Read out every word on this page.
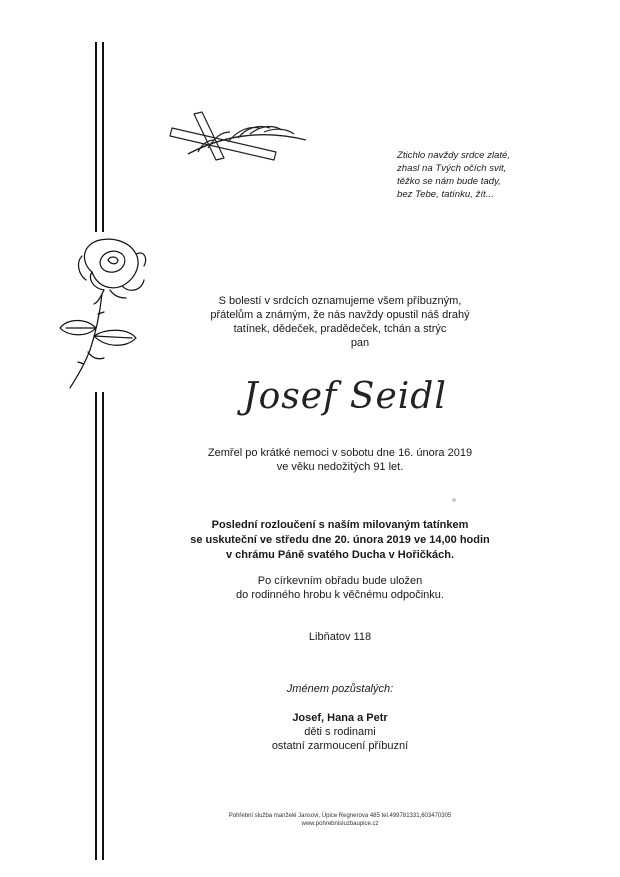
Ztichlo navždy srdce zlaté,
zhasl na Tvých očích svit,
těžko se nám bude tady,
bez Tebe, tatínku, žít...
S bolestí v srdcích oznamujeme všem příbuzným,
přátelům a známým, že nás navždy opustil náš drahý
tatínek, dědeček, pradědeček, tchán a strýc
pan
Josef Seidl
Zemřel po krátké nemoci v sobotu dne 16. února 2019
ve věku nedožitých 91 let.
Poslední rozloučení s naším milovaným tatínkem
se uskuteční ve středu dne 20. února 2019 ve 14,00 hodin
v chrámu Páně svatého Ducha v Hořičkách.
Po církevním obřadu bude uložen
do rodinného hrobu k věčnému odpočinku.
Libňatov 118
Jménem pozůstalých:
Josef, Hana a Petr
děti s rodinami
ostatní zarmoucení příbuzní
Pohřební služba manželé Jansovi, Úpice Regnerova 485 tel.499781331,603470305
www.pohrebnisluzbaupice.cz
